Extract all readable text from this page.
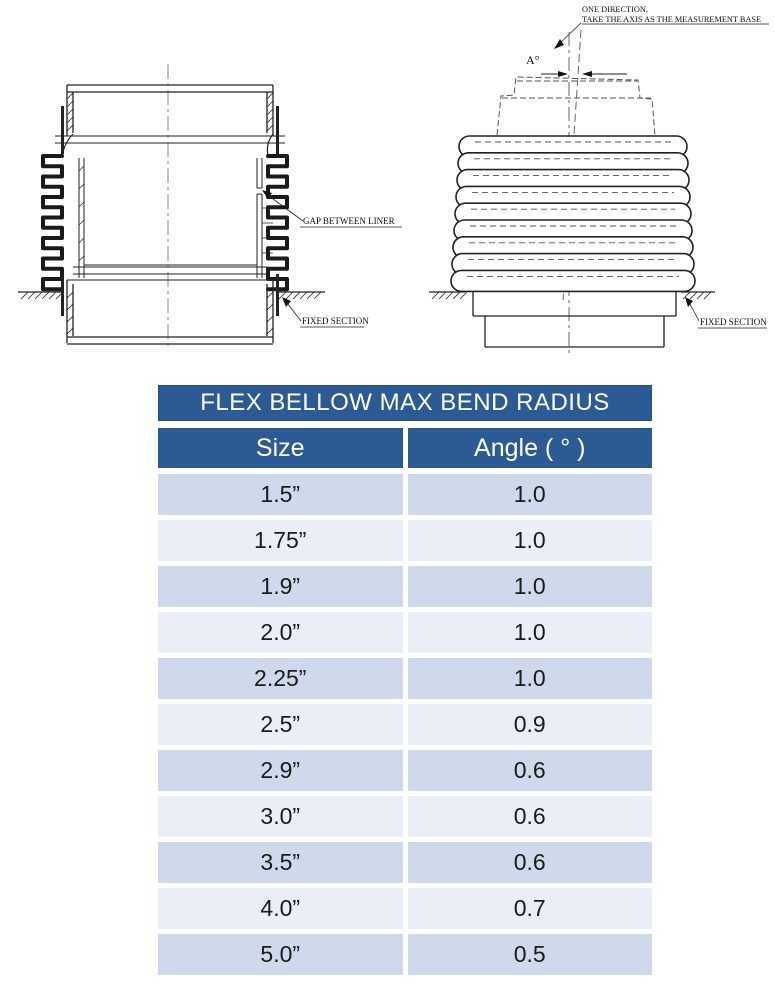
GAP BETWEEN LINER
FIXED SECTION
ONE DIRECTION,
TAKE THE AXIS AS THE MEASUREMENT BASE
A°
FIXED SECTION
FLEX BELLOW MAX BEND RADIUS
Size	Angle ( ° )
1.5”	1.0
1.75”	1.0
1.9”	1.0
2.0”	1.0
2.25”	1.0
2.5”	0.9
2.9”	0.6
3.0”	0.6
3.5”	0.6
4.0”	0.7
5.0”	0.5
